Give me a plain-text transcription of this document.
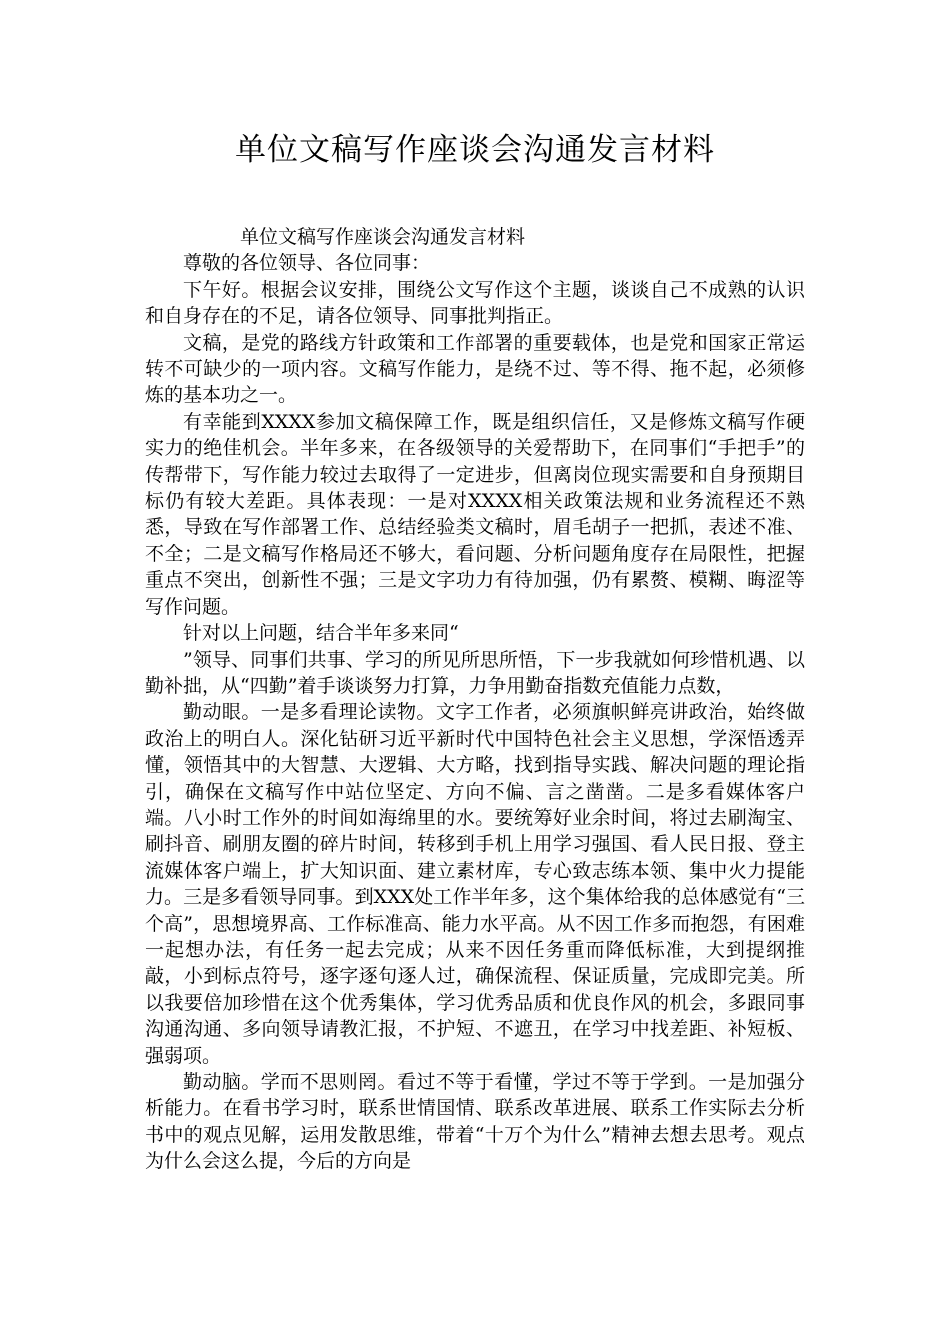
单位文稿写作座谈会沟通发言材料

单位文稿写作座谈会沟通发言材料

尊敬的各位领导、各位同事：

下午好。根据会议安排，围绕公文写作这个主题，谈谈自己不成熟的认识和自身存在的不足，请各位领导、同事批判指正。

文稿，是党的路线方针政策和工作部署的重要载体，也是党和国家正常运转不可缺少的一项内容。文稿写作能力，是绕不过、等不得、拖不起，必须修炼的基本功之一。

有幸能到XXXX参加文稿保障工作，既是组织信任，又是修炼文稿写作硬实力的绝佳机会。半年多来，在各级领导的关爱帮助下，在同事们“手把手”的传帮带下，写作能力较过去取得了一定进步，但离岗位现实需要和自身预期目标仍有较大差距。具体表现：一是对XXXX相关政策法规和业务流程还不熟悉，导致在写作部署工作、总结经验类文稿时，眉毛胡子一把抓，表述不准、不全；二是文稿写作格局还不够大，看问题、分析问题角度存在局限性，把握重点不突出，创新性不强；三是文字功力有待加强，仍有累赘、模糊、晦涩等写作问题。

针对以上问题，结合半年多来同“

”领导、同事们共事、学习的所见所思所悟，下一步我就如何珍惜机遇、以勤补拙，从“四勤”着手谈谈努力打算，力争用勤奋指数充值能力点数，

勤动眼。一是多看理论读物。文字工作者，必须旗帜鲜亮讲政治，始终做政治上的明白人。深化钻研习近平新时代中国特色社会主义思想，学深悟透弄懂，领悟其中的大智慧、大逻辑、大方略，找到指导实践、解决问题的理论指引，确保在文稿写作中站位坚定、方向不偏、言之凿凿。二是多看媒体客户端。八小时工作外的时间如海绵里的水。要统筹好业余时间，将过去刷淘宝、刷抖音、刷朋友圈的碎片时间，转移到手机上用学习强国、看人民日报、登主流媒体客户端上，扩大知识面、建立素材库，专心致志练本领、集中火力提能力。三是多看领导同事。到XXX处工作半年多，这个集体给我的总体感觉有“三个高”，思想境界高、工作标准高、能力水平高。从不因工作多而抱怨，有困难一起想办法，有任务一起去完成；从来不因任务重而降低标准，大到提纲推敲，小到标点符号，逐字逐句逐人过，确保流程、保证质量，完成即完美。所以我要倍加珍惜在这个优秀集体，学习优秀品质和优良作风的机会，多跟同事沟通沟通、多向领导请教汇报，不护短、不遮丑，在学习中找差距、补短板、强弱项。

勤动脑。学而不思则罔。看过不等于看懂，学过不等于学到。一是加强分析能力。在看书学习时，联系世情国情、联系改革进展、联系工作实际去分析书中的观点见解，运用发散思维，带着“十万个为什么”精神去想去思考。观点为什么会这么提，今后的方向是
